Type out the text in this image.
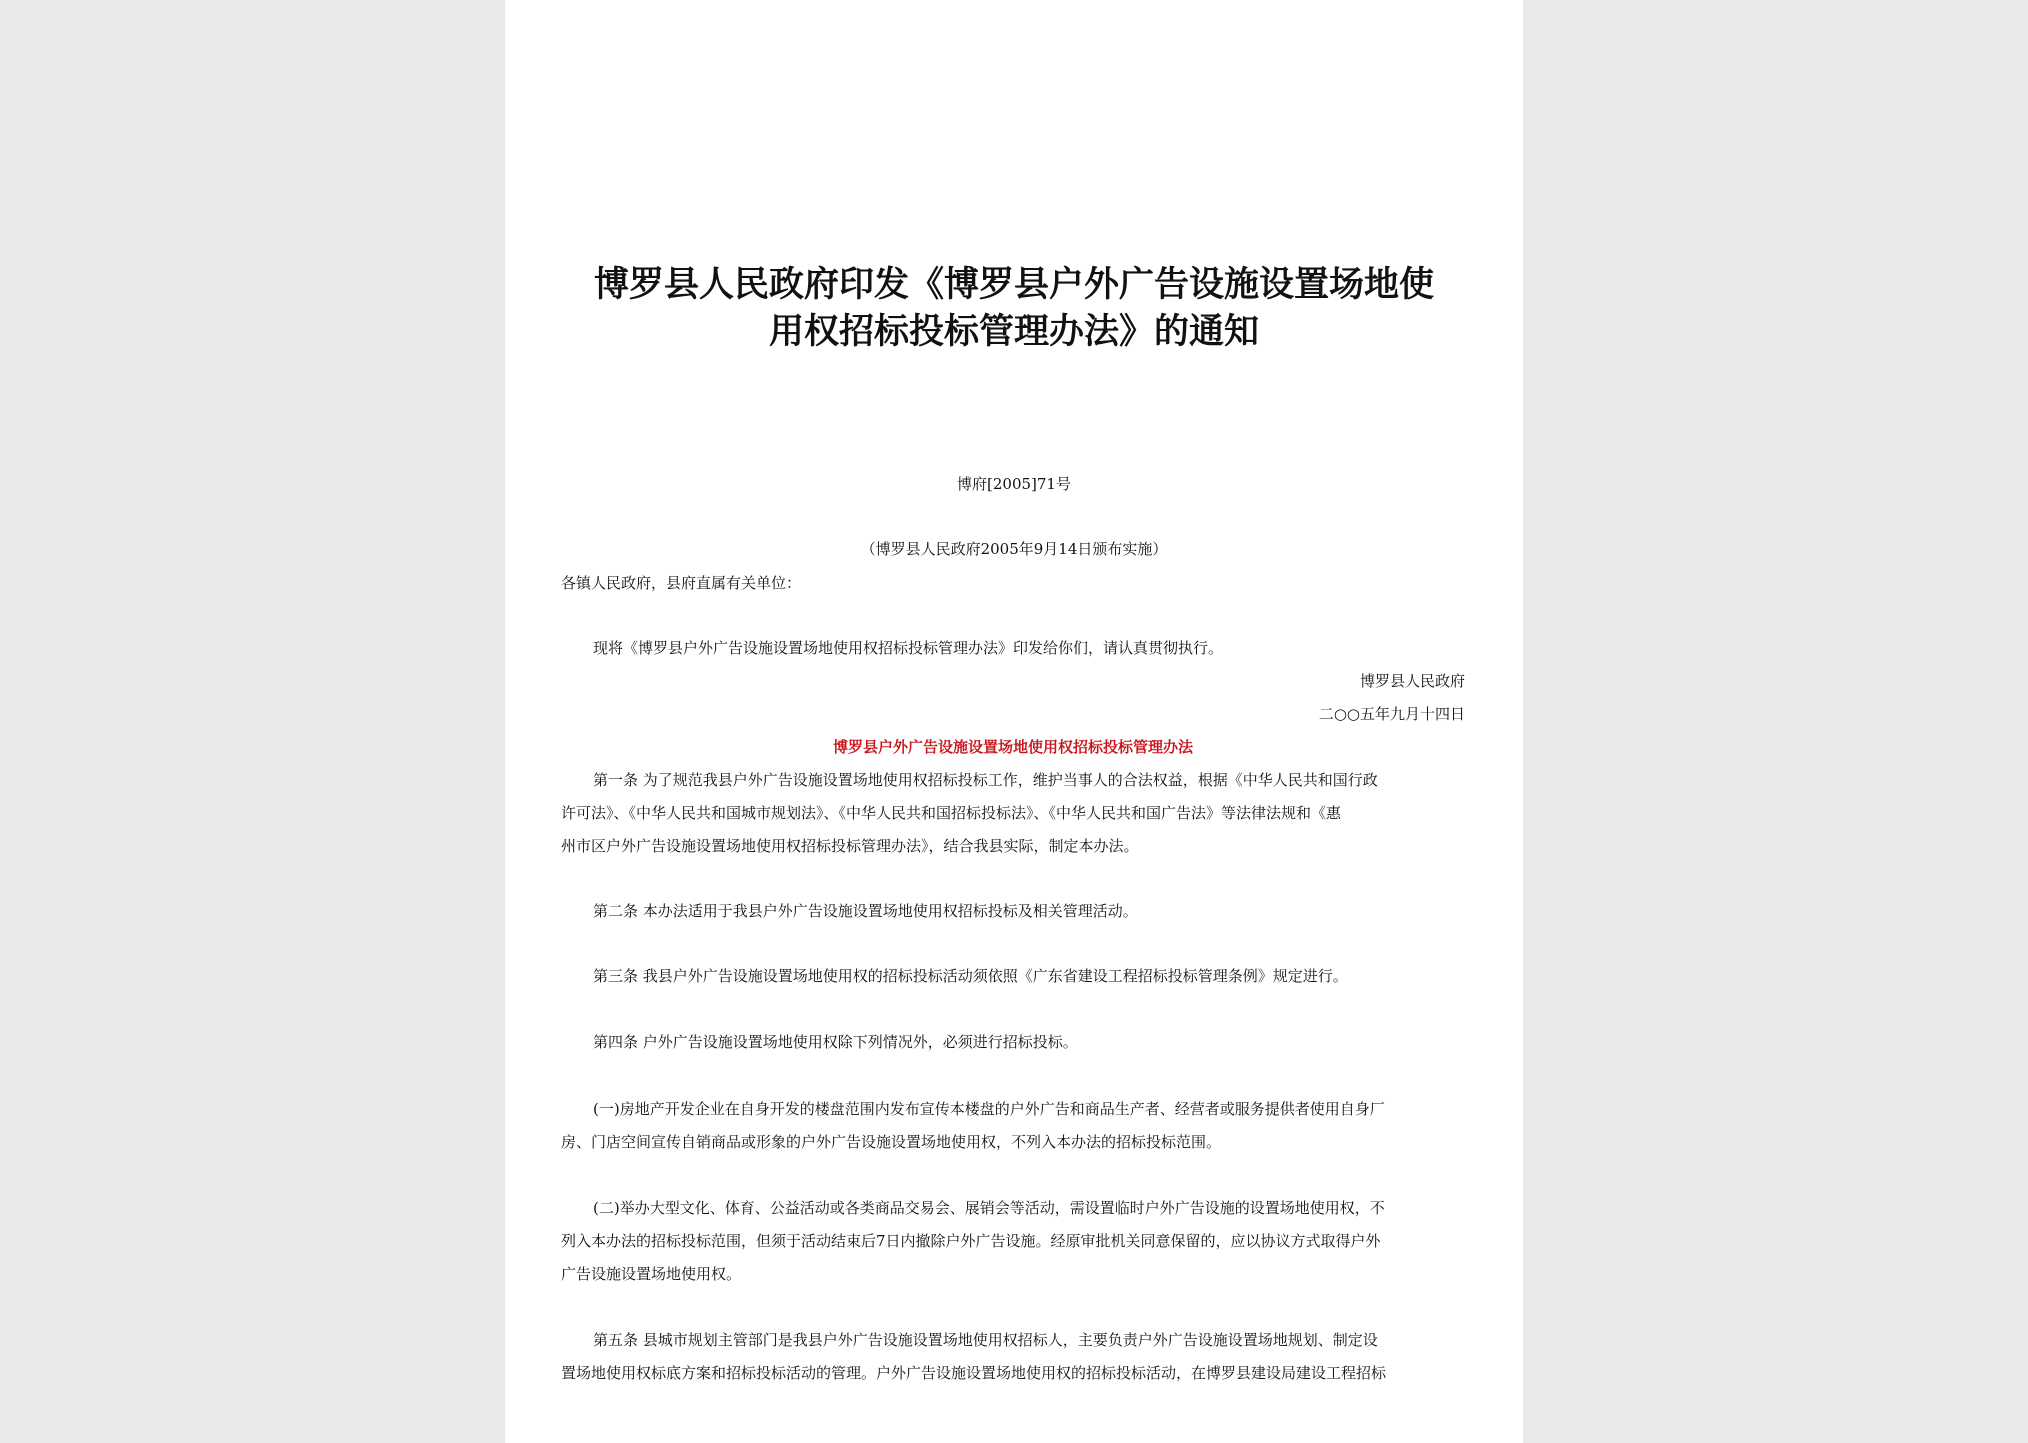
博罗县人民政府印发《博罗县户外广告设施设置场地使
用权招标投标管理办法》的通知
博府[2005]71号
（博罗县人民政府2005年9月14日颁布实施）
各镇人民政府，县府直属有关单位：
现将《博罗县户外广告设施设置场地使用权招标投标管理办法》印发给你们，请认真贯彻执行。
博罗县人民政府
二○○五年九月十四日
博罗县户外广告设施设置场地使用权招标投标管理办法
第一条 为了规范我县户外广告设施设置场地使用权招标投标工作，维护当事人的合法权益，根据《中华人民共和国行政
许可法》、《中华人民共和国城市规划法》、《中华人民共和国招标投标法》、《中华人民共和国广告法》等法律法规和《惠
州市区户外广告设施设置场地使用权招标投标管理办法》，结合我县实际，制定本办法。
第二条 本办法适用于我县户外广告设施设置场地使用权招标投标及相关管理活动。
第三条 我县户外广告设施设置场地使用权的招标投标活动须依照《广东省建设工程招标投标管理条例》规定进行。
第四条 户外广告设施设置场地使用权除下列情况外，必须进行招标投标。
(一)房地产开发企业在自身开发的楼盘范围内发布宣传本楼盘的户外广告和商品生产者、经营者或服务提供者使用自身厂
房、门店空间宣传自销商品或形象的户外广告设施设置场地使用权，不列入本办法的招标投标范围。
(二)举办大型文化、体育、公益活动或各类商品交易会、展销会等活动，需设置临时户外广告设施的设置场地使用权，不
列入本办法的招标投标范围，但须于活动结束后7日内撤除户外广告设施。经原审批机关同意保留的，应以协议方式取得户外
广告设施设置场地使用权。
第五条 县城市规划主管部门是我县户外广告设施设置场地使用权招标人，主要负责户外广告设施设置场地规划、制定设
置场地使用权标底方案和招标投标活动的管理。户外广告设施设置场地使用权的招标投标活动，在博罗县建设局建设工程招标
